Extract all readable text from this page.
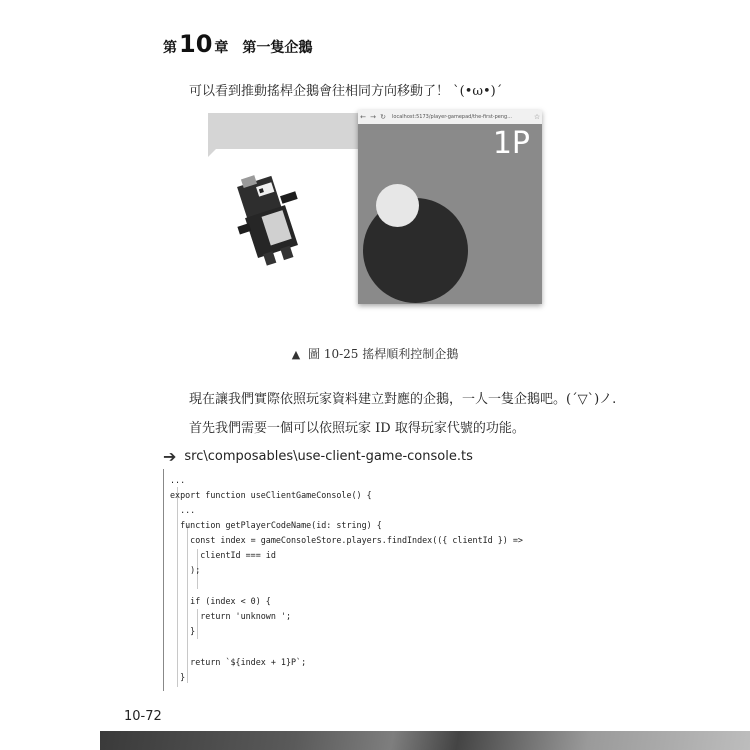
第 10 章 第一隻企鵝
可以看到推動搖桿企鵝會往相同方向移動了！ ˋ(•ω•)ˊ
← → ↻	localhost:5173/player-gamepad/the-first-peng...	☆
1P
▲ 圖 10-25 搖桿順利控制企鵝
現在讓我們實際依照玩家資料建立對應的企鵝，一人一隻企鵝吧。(´▽`)ノ.
首先我們需要一個可以依照玩家 ID 取得玩家代號的功能。
➔ src\composables\use-client-game-console.ts
...
export function useClientGameConsole() {
...
function getPlayerCodeName(id: string) {
const index = gameConsoleStore.players.findIndex(({ clientId }) =>
clientId === id
);
if (index < 0) {
return 'unknown ';
}
return `${index + 1}P`;
}
10-72
